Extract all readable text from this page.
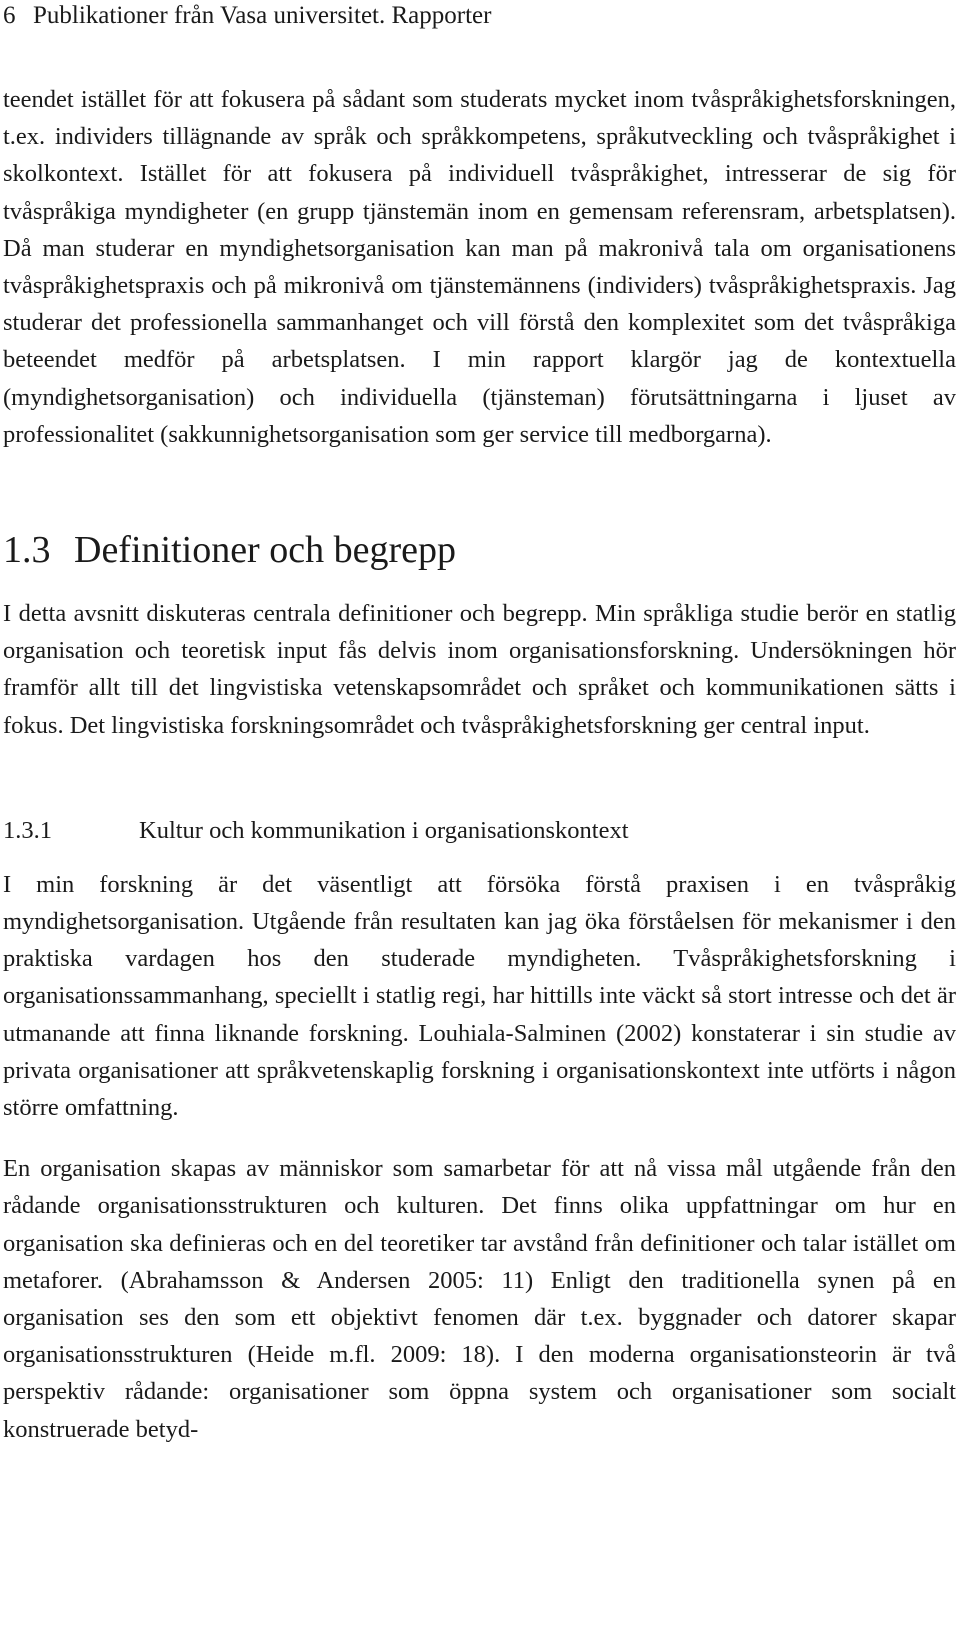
6 Publikationer från Vasa universitet. Rapporter

teendet istället för att fokusera på sådant som studerats mycket inom tvåspråkighetsforskningen, t.ex. individers tillägnande av språk och språkkompetens, språkutveckling och tvåspråkighet i skolkontext. Istället för att fokusera på individuell tvåspråkighet, intresserar de sig för tvåspråkiga myndigheter (en grupp tjänstemän inom en gemensam referensram, arbetsplatsen). Då man studerar en myndighetsorganisation kan man på makronivå tala om organisationens tvåspråkighetspraxis och på mikronivå om tjänstemännens (individers) tvåspråkighetspraxis. Jag studerar det professionella sammanhanget och vill förstå den komplexitet som det tvåspråkiga beteendet medför på arbetsplatsen. I min rapport klargör jag de kontextuella (myndighetsorganisation) och individuella (tjänsteman) förutsättningarna i ljuset av professionalitet (sakkunnighetsorganisation som ger service till medborgarna).

1.3 Definitioner och begrepp

I detta avsnitt diskuteras centrala definitioner och begrepp. Min språkliga studie berör en statlig organisation och teoretisk input fås delvis inom organisationsforskning. Undersökningen hör framför allt till det lingvistiska vetenskapsområdet och språket och kommunikationen sätts i fokus. Det lingvistiska forskningsområdet och tvåspråkighetsforskning ger central input.

1.3.1	Kultur och kommunikation i organisationskontext

I min forskning är det väsentligt att försöka förstå praxisen i en tvåspråkig myndighetsorganisation. Utgående från resultaten kan jag öka förståelsen för mekanismer i den praktiska vardagen hos den studerade myndigheten. Tvåspråkighetsforskning i organisationssammanhang, speciellt i statlig regi, har hittills inte väckt så stort intresse och det är utmanande att finna liknande forskning. Louhiala-Salminen (2002) konstaterar i sin studie av privata organisationer att språkvetenskaplig forskning i organisationskontext inte utförts i någon större omfattning.

En organisation skapas av människor som samarbetar för att nå vissa mål utgående från den rådande organisationsstrukturen och kulturen. Det finns olika uppfattningar om hur en organisation ska definieras och en del teoretiker tar avstånd från definitioner och talar istället om metaforer. (Abrahamsson & Andersen 2005: 11) Enligt den traditionella synen på en organisation ses den som ett objektivt fenomen där t.ex. byggnader och datorer skapar organisationsstrukturen (Heide m.fl. 2009: 18). I den moderna organisationsteorin är två perspektiv rådande: organisationer som öppna system och organisationer som socialt konstruerade betyd-
